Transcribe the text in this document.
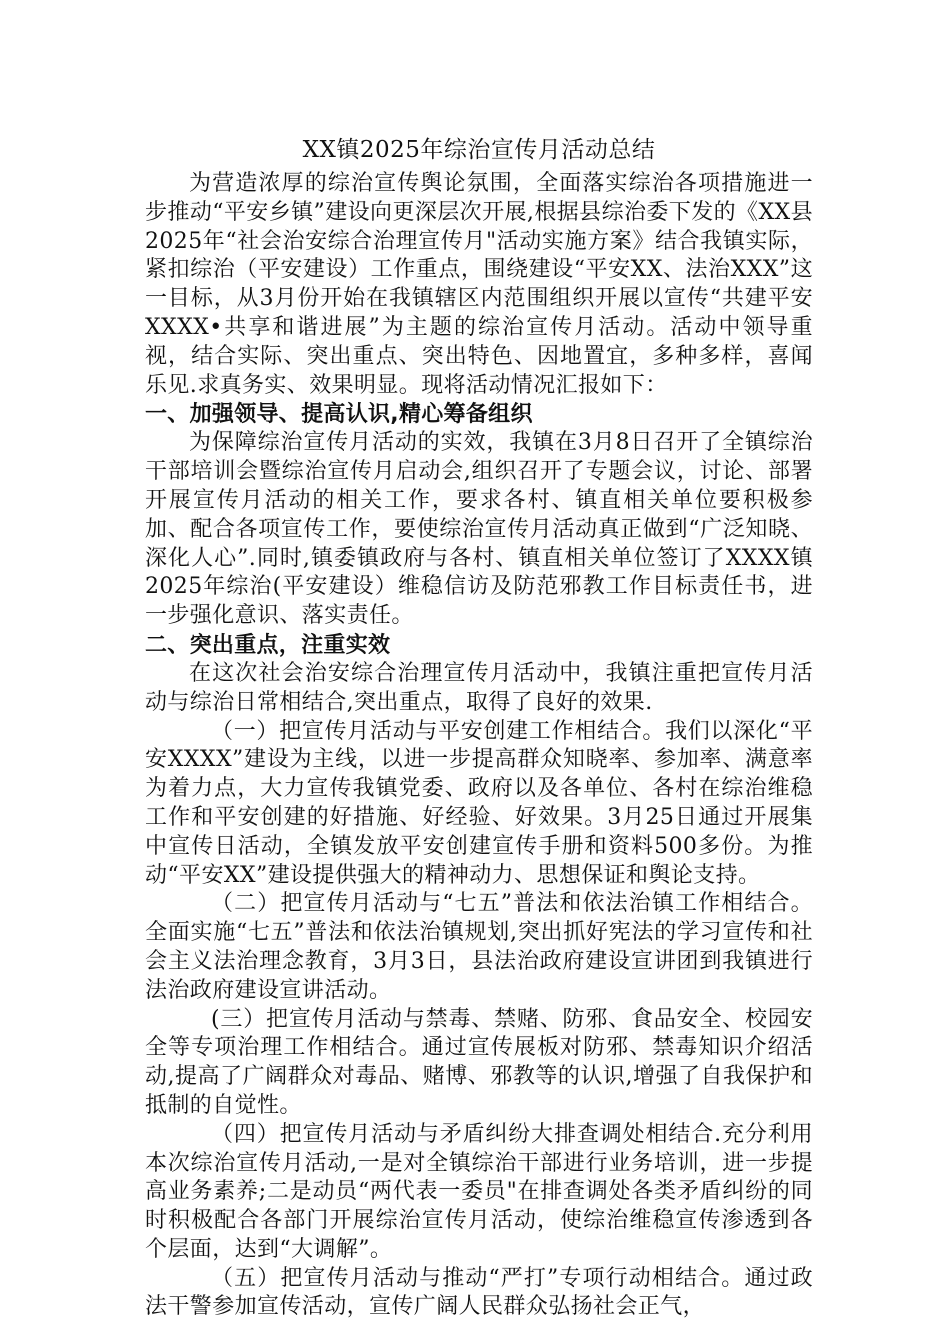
XX镇2025年综治宣传月活动总结

为营造浓厚的综治宣传舆论氛围，全面落实综治各项措施进一步推动“平安乡镇”建设向更深层次开展,根据县综治委下发的《XX县2025年“社会治安综合治理宣传月"活动实施方案》结合我镇实际，紧扣综治（平安建设）工作重点，围绕建设“平安XX、法治XXX”这一目标，从3月份开始在我镇辖区内范围组织开展以宣传“共建平安XXXX•共享和谐进展”为主题的综治宣传月活动。活动中领导重视，结合实际、突出重点、突出特色、因地置宜，多种多样，喜闻乐见.求真务实、效果明显。现将活动情况汇报如下：

一、加强领导、提高认识,精心筹备组织

为保障综治宣传月活动的实效，我镇在3月8日召开了全镇综治干部培训会暨综治宣传月启动会,组织召开了专题会议，讨论、部署开展宣传月活动的相关工作，要求各村、镇直相关单位要积极参加、配合各项宣传工作，要使综治宣传月活动真正做到“广泛知晓、深化人心”.同时,镇委镇政府与各村、镇直相关单位签订了XXXX镇2025年综治(平安建设）维稳信访及防范邪教工作目标责任书，进一步强化意识、落实责任。

二、突出重点，注重实效

在这次社会治安综合治理宣传月活动中，我镇注重把宣传月活动与综治日常相结合,突出重点，取得了良好的效果.

（一）把宣传月活动与平安创建工作相结合。我们以深化“平安XXXX”建设为主线，以进一步提高群众知晓率、参加率、满意率为着力点，大力宣传我镇党委、政府以及各单位、各村在综治维稳工作和平安创建的好措施、好经验、好效果。3月25日通过开展集中宣传日活动，全镇发放平安创建宣传手册和资料500多份。为推动“平安XX”建设提供强大的精神动力、思想保证和舆论支持。

（二）把宣传月活动与“七五”普法和依法治镇工作相结合。全面实施“七五”普法和依法治镇规划,突出抓好宪法的学习宣传和社会主义法治理念教育，3月3日，县法治政府建设宣讲团到我镇进行法治政府建设宣讲活动。

(三）把宣传月活动与禁毒、禁赌、防邪、食品安全、校园安全等专项治理工作相结合。通过宣传展板对防邪、禁毒知识介绍活动,提高了广阔群众对毒品、赌博、邪教等的认识,增强了自我保护和抵制的自觉性。

（四）把宣传月活动与矛盾纠纷大排查调处相结合.充分利用本次综治宣传月活动,一是对全镇综治干部进行业务培训，进一步提高业务素养;二是动员“两代表一委员"在排查调处各类矛盾纠纷的同时积极配合各部门开展综治宣传月活动，使综治维稳宣传渗透到各个层面，达到“大调解”。

（五）把宣传月活动与推动“严打”专项行动相结合。通过政法干警参加宣传活动，宣传广阔人民群众弘扬社会正气，
